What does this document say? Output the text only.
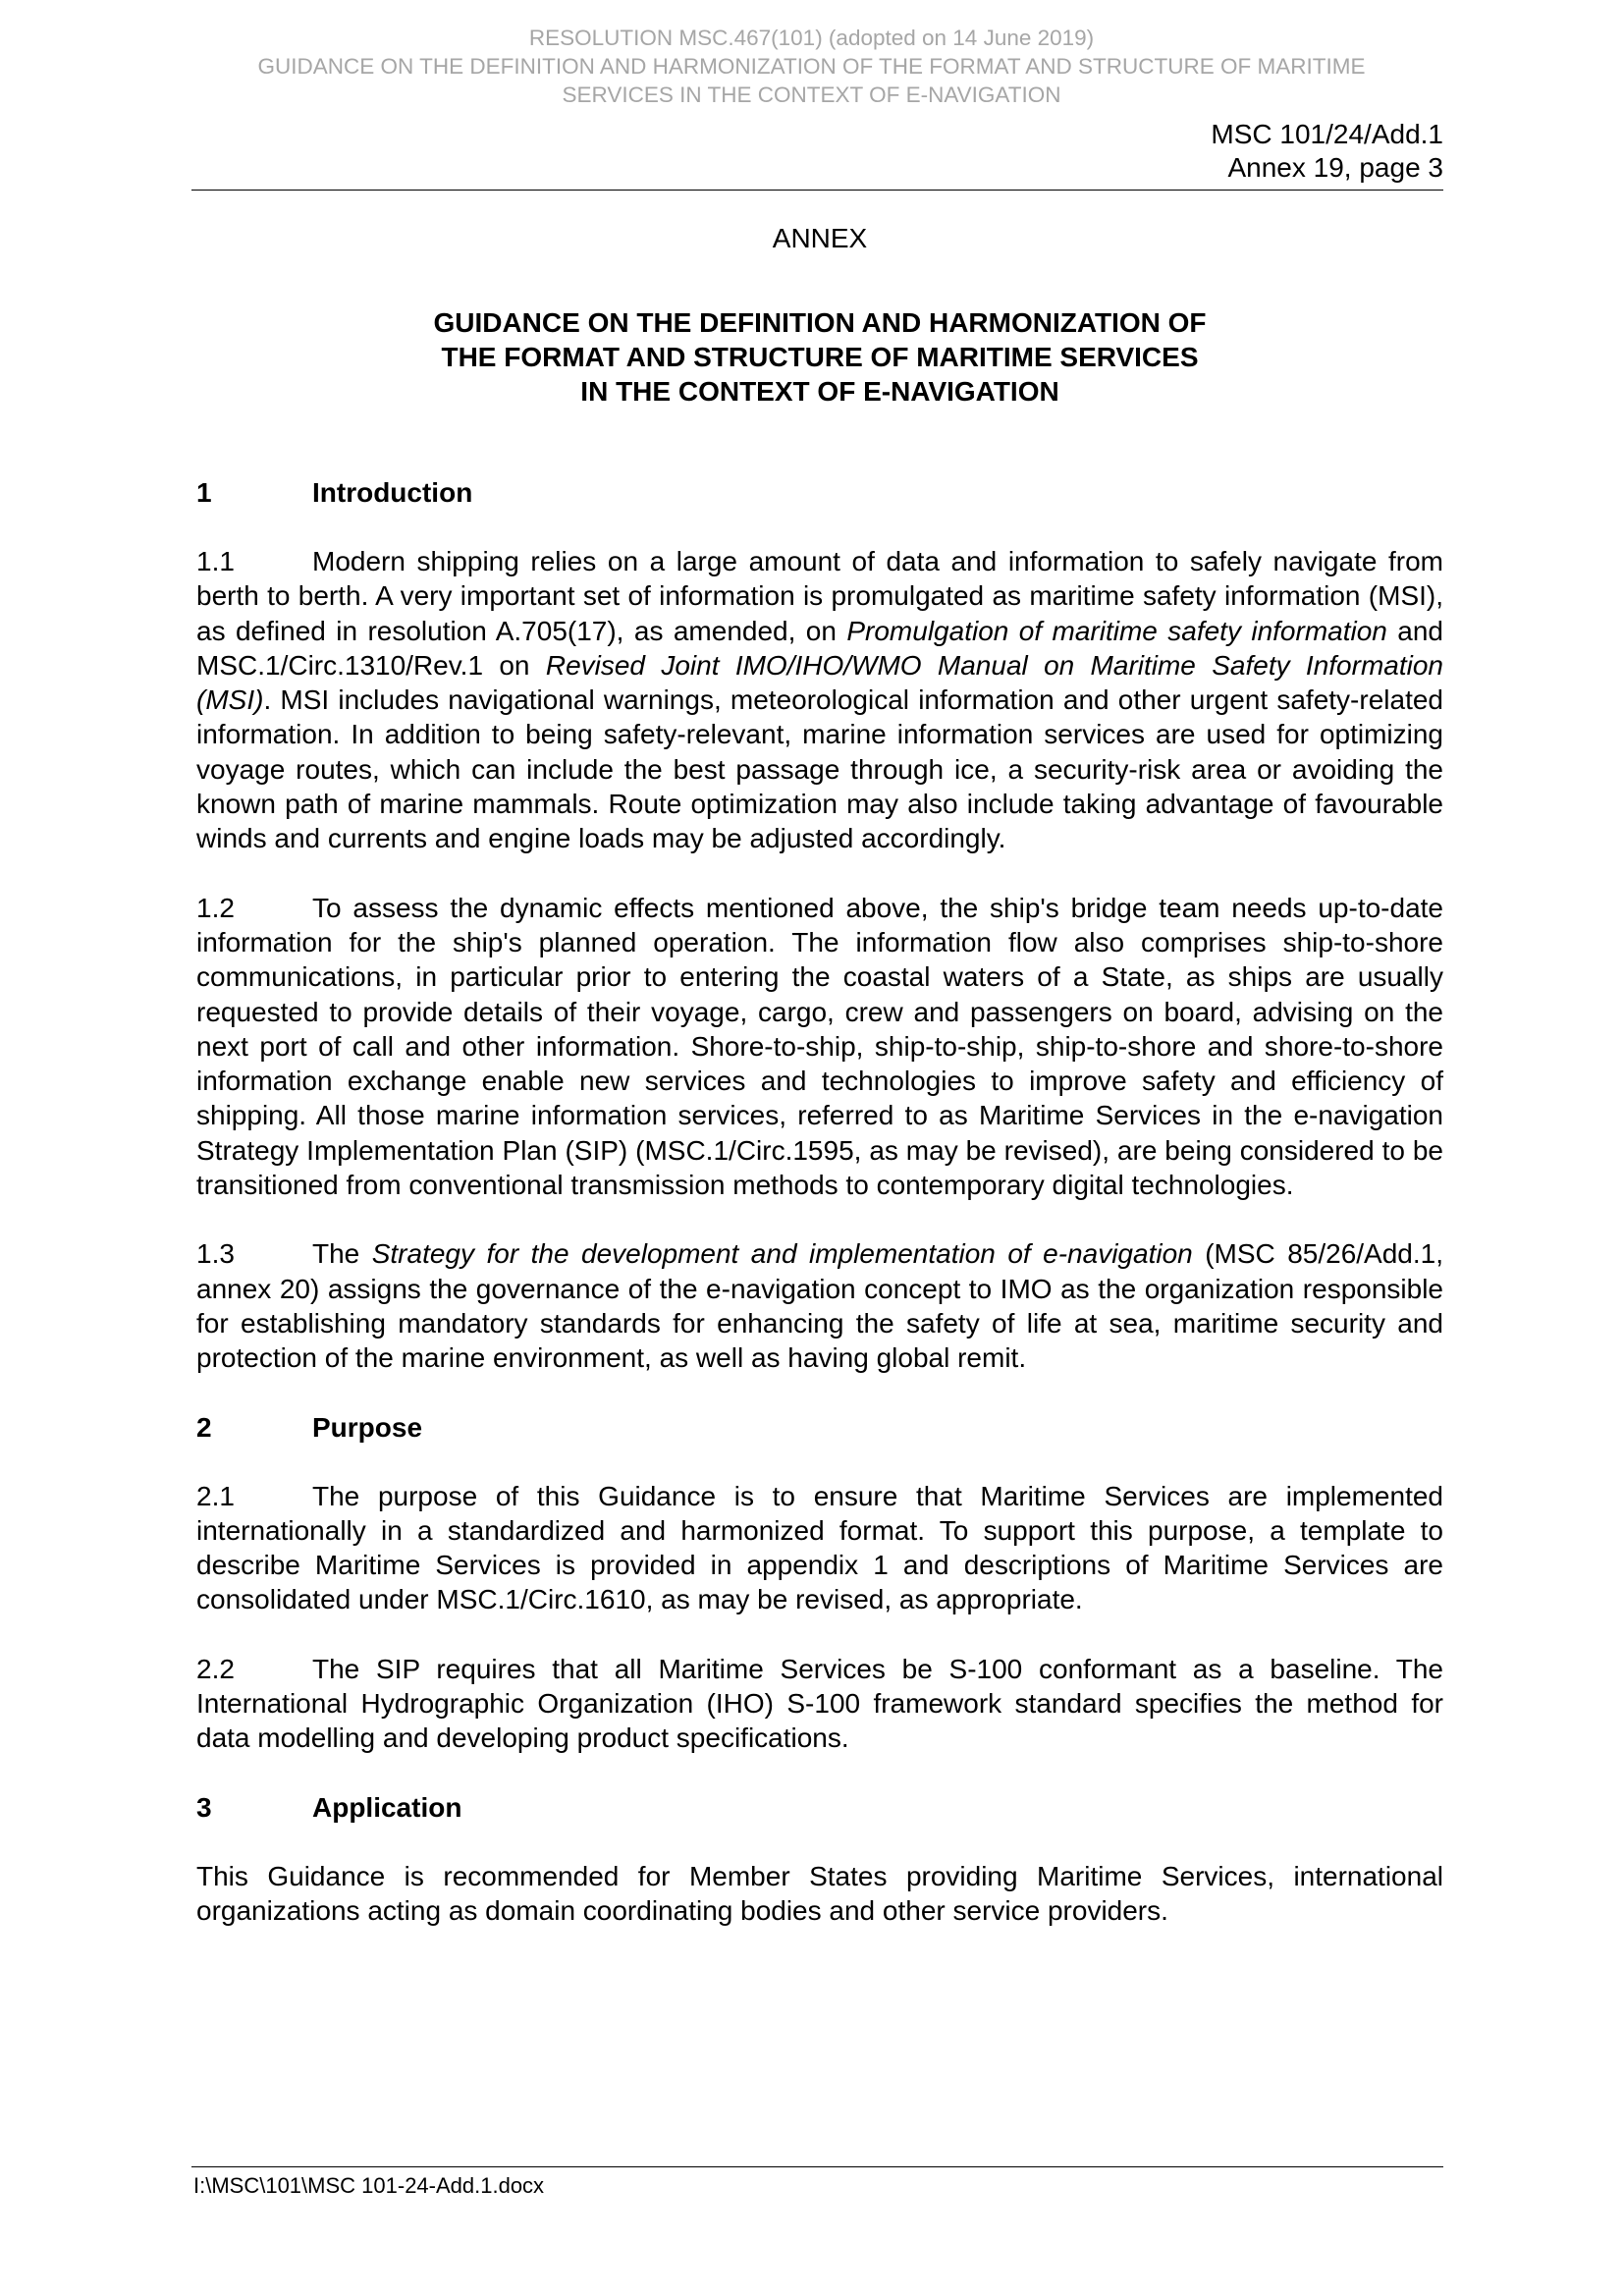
RESOLUTION MSC.467(101) (adopted on 14 June 2019)
GUIDANCE ON THE DEFINITION AND HARMONIZATION OF THE FORMAT AND STRUCTURE OF MARITIME
SERVICES IN THE CONTEXT OF E-NAVIGATION
MSC 101/24/Add.1
Annex 19, page 3

ANNEX

GUIDANCE ON THE DEFINITION AND HARMONIZATION OF
THE FORMAT AND STRUCTURE OF MARITIME SERVICES
IN THE CONTEXT OF E-NAVIGATION
1	Introduction

1.1	Modern shipping relies on a large amount of data and information to safely navigate from berth to berth. A very important set of information is promulgated as maritime safety information (MSI), as defined in resolution A.705(17), as amended, on Promulgation of maritime safety information and MSC.1/Circ.1310/Rev.1 on Revised Joint IMO/IHO/WMO Manual on Maritime Safety Information (MSI). MSI includes navigational warnings, meteorological information and other urgent safety-related information. In addition to being safety-relevant, marine information services are used for optimizing voyage routes, which can include the best passage through ice, a security-risk area or avoiding the known path of marine mammals. Route optimization may also include taking advantage of favourable winds and currents and engine loads may be adjusted accordingly.

1.2	To assess the dynamic effects mentioned above, the ship's bridge team needs up-to-date information for the ship's planned operation. The information flow also comprises ship-to-shore communications, in particular prior to entering the coastal waters of a State, as ships are usually requested to provide details of their voyage, cargo, crew and passengers on board, advising on the next port of call and other information. Shore-to-ship, ship-to-ship, ship-to-shore and shore-to-shore information exchange enable new services and technologies to improve safety and efficiency of shipping. All those marine information services, referred to as Maritime Services in the e-navigation Strategy Implementation Plan (SIP) (MSC.1/Circ.1595, as may be revised), are being considered to be transitioned from conventional transmission methods to contemporary digital technologies.

1.3	The Strategy for the development and implementation of e-navigation (MSC 85/26/Add.1, annex 20) assigns the governance of the e-navigation concept to IMO as the organization responsible for establishing mandatory standards for enhancing the safety of life at sea, maritime security and protection of the marine environment, as well as having global remit.

2	Purpose

2.1	The purpose of this Guidance is to ensure that Maritime Services are implemented internationally in a standardized and harmonized format. To support this purpose, a template to describe Maritime Services is provided in appendix 1 and descriptions of Maritime Services are consolidated under MSC.1/Circ.1610, as may be revised, as appropriate.

2.2	The SIP requires that all Maritime Services be S-100 conformant as a baseline. The International Hydrographic Organization (IHO) S-100 framework standard specifies the method for data modelling and developing product specifications.

3	Application

This Guidance is recommended for Member States providing Maritime Services, international organizations acting as domain coordinating bodies and other service providers.

I:\MSC\101\MSC 101-24-Add.1.docx
